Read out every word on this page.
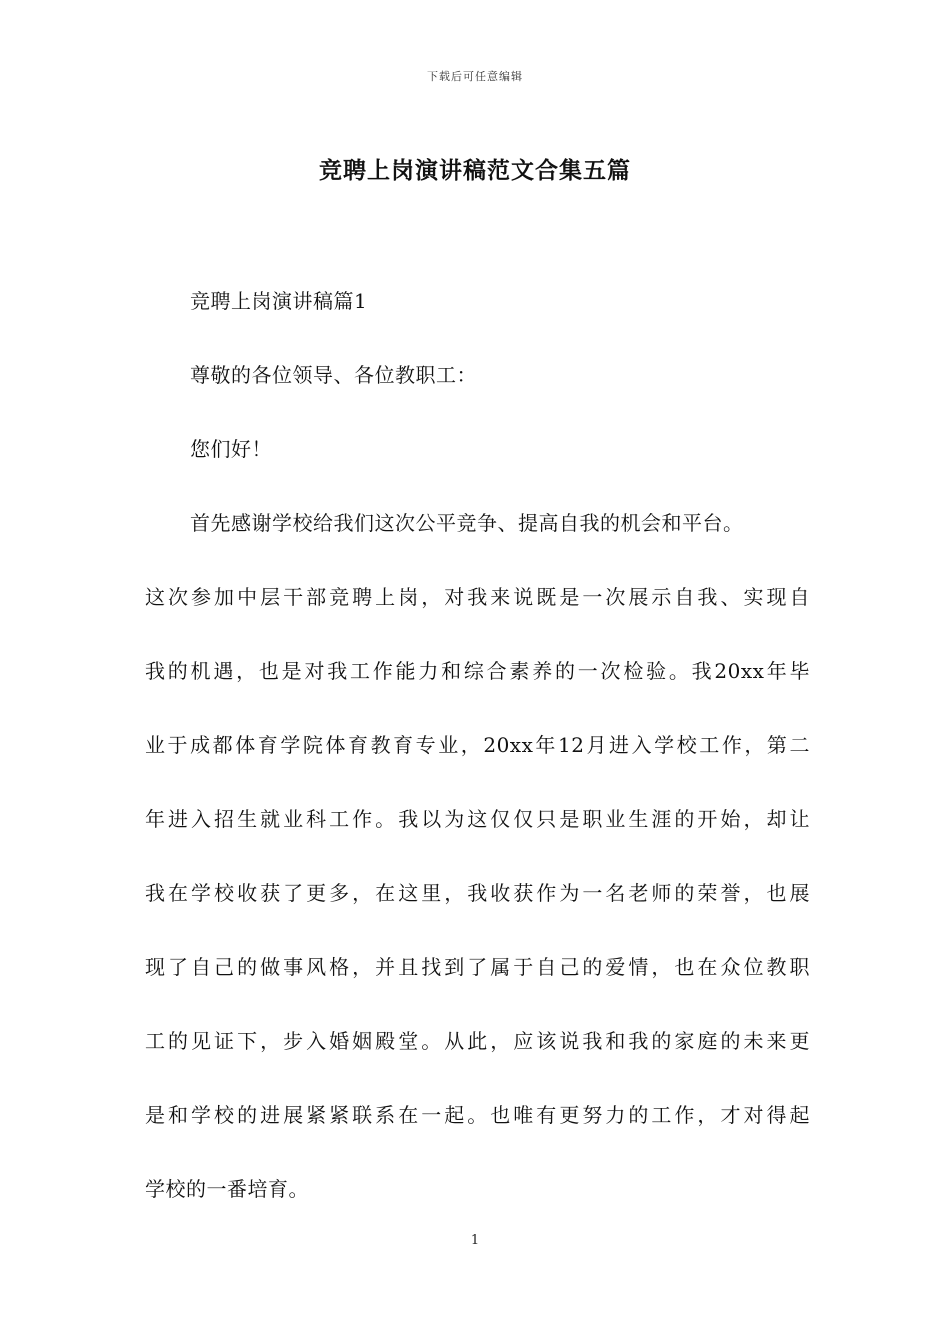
下载后可任意编辑
竞聘上岗演讲稿范文合集五篇
竞聘上岗演讲稿篇1
尊敬的各位领导、各位教职工：
您们好！
首先感谢学校给我们这次公平竞争、提高自我的机会和平台。
这次参加中层干部竞聘上岗，对我来说既是一次展示自我、实现自
我的机遇，也是对我工作能力和综合素养的一次检验。我20xx年毕
业于成都体育学院体育教育专业，20xx年12月进入学校工作，第二
年进入招生就业科工作。我以为这仅仅只是职业生涯的开始，却让
我在学校收获了更多，在这里，我收获作为一名老师的荣誉，也展
现了自己的做事风格，并且找到了属于自己的爱情，也在众位教职
工的见证下，步入婚姻殿堂。从此，应该说我和我的家庭的未来更
是和学校的进展紧紧联系在一起。也唯有更努力的工作，才对得起
学校的一番培育。
1
